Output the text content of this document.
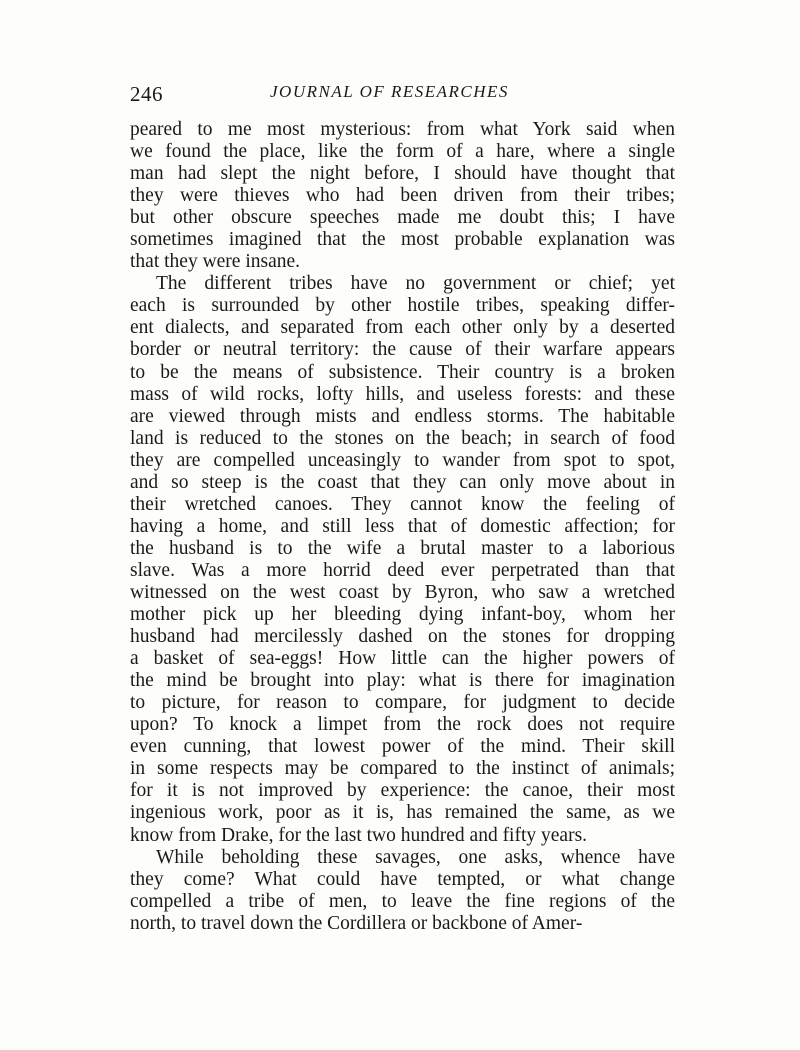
246	JOURNAL OF RESEARCHES
peared to me most mysterious: from what York said when
we found the place, like the form of a hare, where a single
man had slept the night before, I should have thought that
they were thieves who had been driven from their tribes;
but other obscure speeches made me doubt this; I have
sometimes imagined that the most probable explanation was
that they were insane.
The different tribes have no government or chief; yet
each is surrounded by other hostile tribes, speaking differ-
ent dialects, and separated from each other only by a deserted
border or neutral territory: the cause of their warfare appears
to be the means of subsistence. Their country is a broken
mass of wild rocks, lofty hills, and useless forests: and these
are viewed through mists and endless storms. The habitable
land is reduced to the stones on the beach; in search of food
they are compelled unceasingly to wander from spot to spot,
and so steep is the coast that they can only move about in
their wretched canoes. They cannot know the feeling of
having a home, and still less that of domestic affection; for
the husband is to the wife a brutal master to a laborious
slave. Was a more horrid deed ever perpetrated than that
witnessed on the west coast by Byron, who saw a wretched
mother pick up her bleeding dying infant-boy, whom her
husband had mercilessly dashed on the stones for dropping
a basket of sea-eggs! How little can the higher powers of
the mind be brought into play: what is there for imagination
to picture, for reason to compare, for judgment to decide
upon? To knock a limpet from the rock does not require
even cunning, that lowest power of the mind. Their skill
in some respects may be compared to the instinct of animals;
for it is not improved by experience: the canoe, their most
ingenious work, poor as it is, has remained the same, as we
know from Drake, for the last two hundred and fifty years.
While beholding these savages, one asks, whence have
they come? What could have tempted, or what change
compelled a tribe of men, to leave the fine regions of the
north, to travel down the Cordillera or backbone of Amer-
